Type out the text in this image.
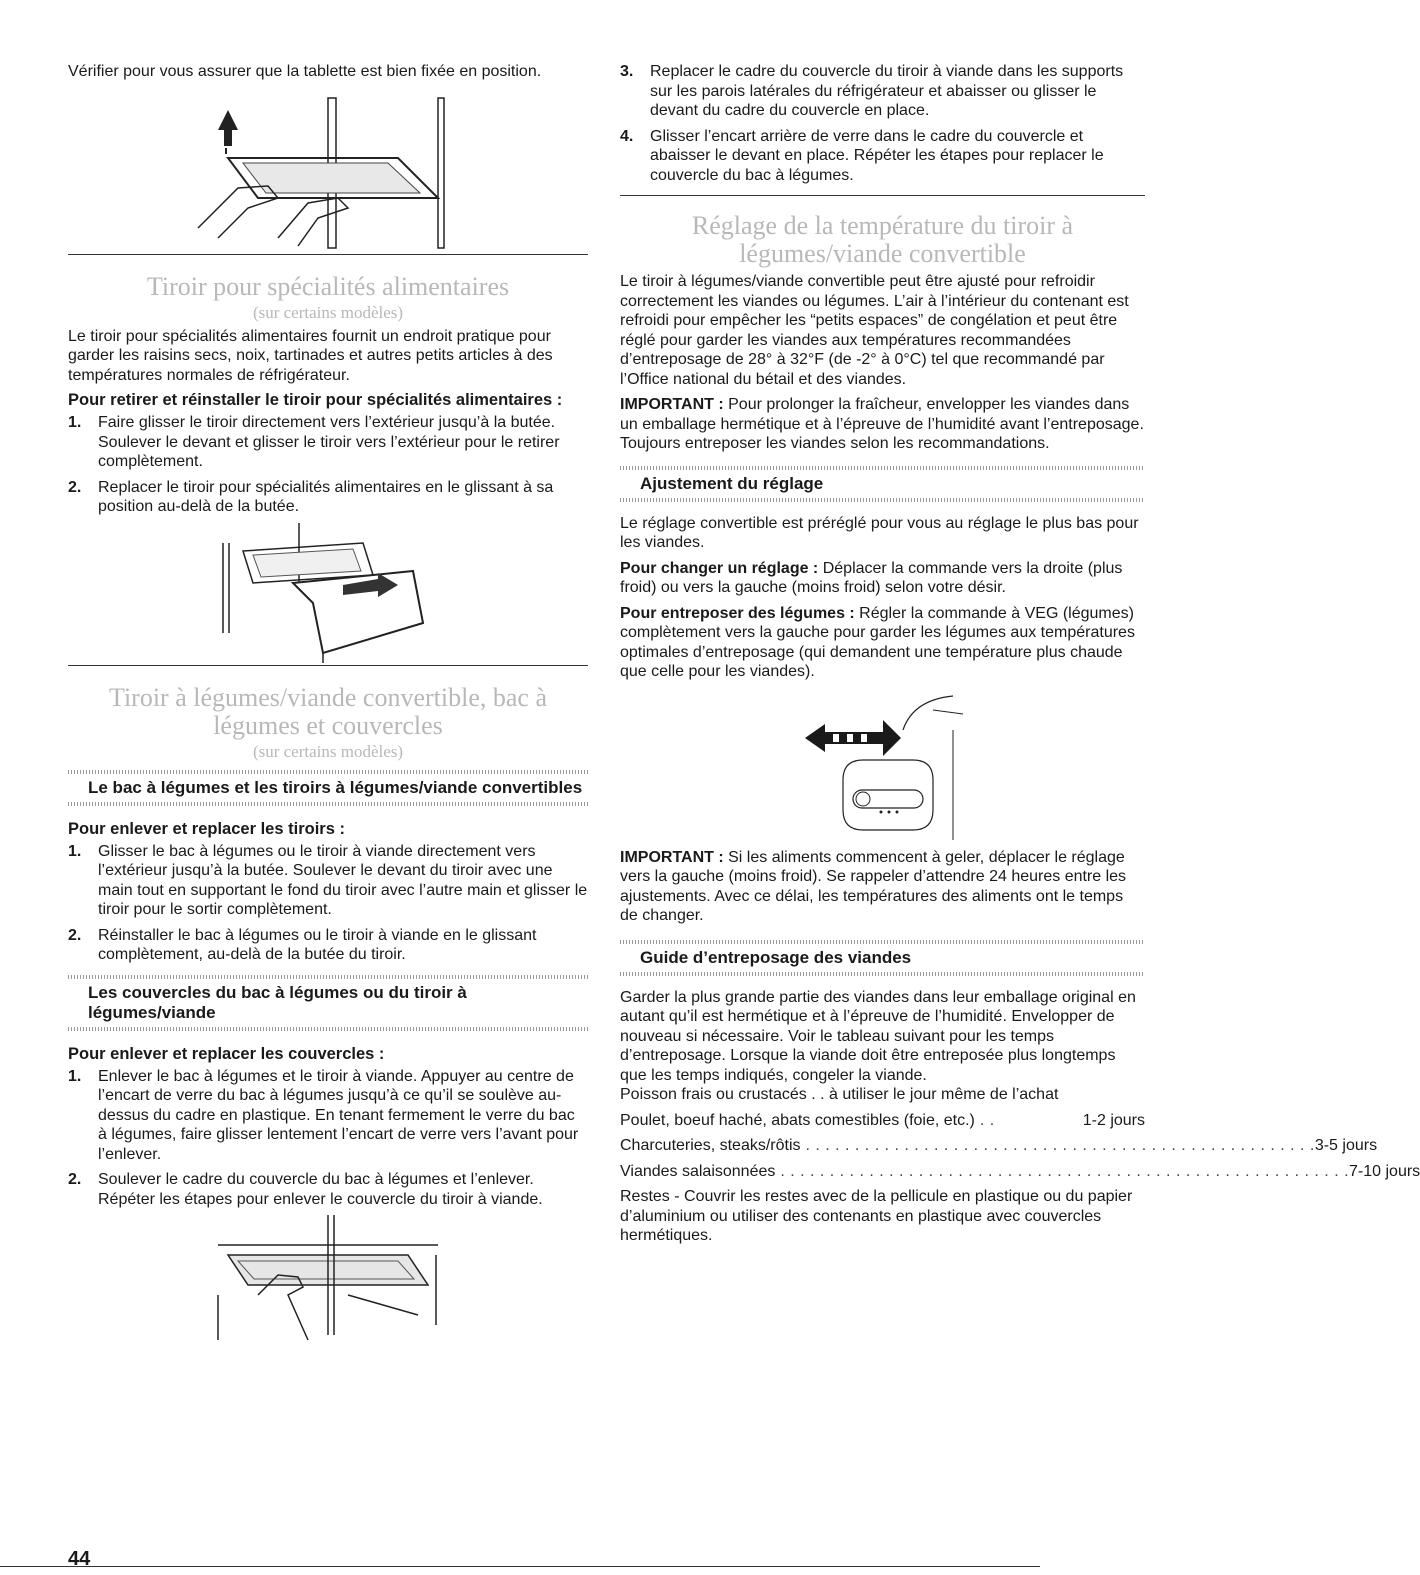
Vérifier pour vous assurer que la tablette est bien fixée en position.

Tiroir pour spécialités alimentaires
(sur certains modèles)

Le tiroir pour spécialités alimentaires fournit un endroit pratique pour garder les raisins secs, noix, tartinades et autres petits articles à des températures normales de réfrigérateur.

Pour retirer et réinstaller le tiroir pour spécialités alimentaires :

1. Faire glisser le tiroir directement vers l’extérieur jusqu’à la butée. Soulever le devant et glisser le tiroir vers l’extérieur pour le retirer complètement.
2. Replacer le tiroir pour spécialités alimentaires en le glissant à sa position au-delà de la butée.
Tiroir à légumes/viande convertible, bac à
légumes et couvercles
(sur certains modèles)

Le bac à légumes et les tiroirs à légumes/viande convertibles

Pour enlever et replacer les tiroirs :

1. Glisser le bac à légumes ou le tiroir à viande directement vers l’extérieur jusqu’à la butée. Soulever le devant du tiroir avec une main tout en supportant le fond du tiroir avec l’autre main et glisser le tiroir pour le sortir complètement.
2. Réinstaller le bac à légumes ou le tiroir à viande en le glissant complètement, au-delà de la butée du tiroir.

Les couvercles du bac à légumes ou du tiroir à légumes/viande

Pour enlever et replacer les couvercles :

1. Enlever le bac à légumes et le tiroir à viande. Appuyer au centre de l’encart de verre du bac à légumes jusqu’à ce qu’il se soulève au-dessus du cadre en plastique. En tenant fermement le verre du bac à légumes, faire glisser lentement l’encart de verre vers l’avant pour l’enlever.
2. Soulever le cadre du couvercle du bac à légumes et l’enlever. Répéter les étapes pour enlever le couvercle du tiroir à viande.
3. Replacer le cadre du couvercle du tiroir à viande dans les supports sur les parois latérales du réfrigérateur et abaisser ou glisser le devant du cadre du couvercle en place.
4. Glisser l’encart arrière de verre dans le cadre du couvercle et abaisser le devant en place. Répéter les étapes pour replacer le couvercle du bac à légumes.
Réglage de la température du tiroir à
légumes/viande convertible

Le tiroir à légumes/viande convertible peut être ajusté pour refroidir correctement les viandes ou légumes. L’air à l’intérieur du contenant est refroidi pour empêcher les “petits espaces” de congélation et peut être réglé pour garder les viandes aux températures recommandées d’entreposage de 28° à 32°F (de -2° à 0°C) tel que recommandé par l’Office national du bétail et des viandes.

IMPORTANT : Pour prolonger la fraîcheur, envelopper les viandes dans un emballage hermétique et à l’épreuve de l’humidité avant l’entreposage. Toujours entreposer les viandes selon les recommandations.

Ajustement du réglage

Le réglage convertible est préréglé pour vous au réglage le plus bas pour les viandes.

Pour changer un réglage : Déplacer la commande vers la droite (plus froid) ou vers la gauche (moins froid) selon votre désir.

Pour entreposer des légumes : Régler la commande à VEG (légumes) complètement vers la gauche pour garder les légumes aux températures optimales d’entreposage (qui demandent une température plus chaude que celle pour les viandes).

IMPORTANT : Si les aliments commencent à geler, déplacer le réglage vers la gauche (moins froid). Se rappeler d’attendre 24 heures entre les ajustements. Avec ce délai, les températures des aliments ont le temps de changer.

Guide d’entreposage des viandes

Garder la plus grande partie des viandes dans leur emballage original en autant qu’il est hermétique et à l’épreuve de l’humidité. Envelopper de nouveau si nécessaire. Voir le tableau suivant pour les temps d’entreposage. Lorsque la viande doit être entreposée plus longtemps que les temps indiqués, congeler la viande.

Poisson frais ou crustacés . . à utiliser le jour même de l’achat

Poulet, boeuf haché, abats comestibles (foie, etc.) . .	1-2 jours
Charcuteries, steaks/rôtis . . . . . . . . . . . . . . . . . . . . . . . . . . . . . . . . . . . . . . . . . . . . . . . . . . . . 3-5 jours
Viandes salaisonnées . . . . . . . . . . . . . . . . . . . . . . . . . . . . . . . . . . . . . . . . . . . . . . . . . . . . . . . . . . 7-10 jours

Restes - Couvrir les restes avec de la pellicule en plastique ou du papier d’aluminium ou utiliser des contenants en plastique avec couvercles hermétiques.

44
